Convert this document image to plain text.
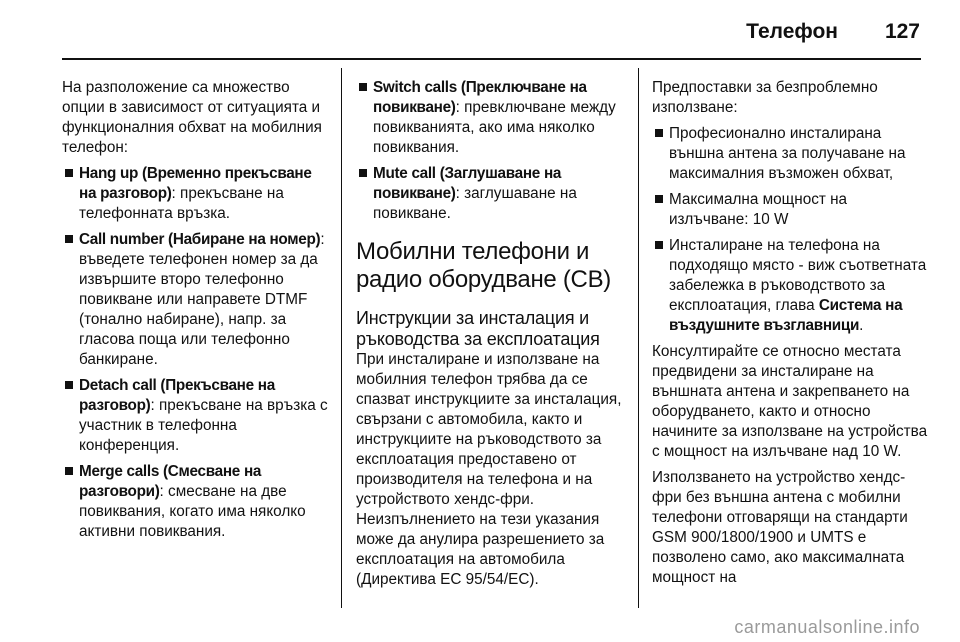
Телефон 127

На разположение са множество опции в зависимост от ситуацията и функционалния обхват на мобилния телефон:

Hang up (Временно прекъсване на разговор): прекъсване на телефонната връзка.
Call number (Набиране на номер): въведете телефонен номер за да извършите второ телефонно повикване или направете DTMF (тонално набиране), напр. за гласова поща или телефонно банкиране.
Detach call (Прекъсване на разговор): прекъсване на връзка с участник в телефонна конференция.
Merge calls (Смесване на разговори): смесване на две повиквания, когато има няколко активни повиквания.
Switch calls (Преключване на повикване): превключване между повикванията, ако има няколко повиквания.
Mute call (Заглушаване на повикване): заглушаване на повикване.
Мобилни телефони и радио оборудване (CB)
Инструкции за инсталация и ръководства за експлоатация

При инсталиране и използване на мобилния телефон трябва да се спазват инструкциите за инсталация, свързани с автомобила, както и инструкциите на ръководството за експлоатация предоставено от производителя на телефона и на устройството хендс-фри. Неизпълнението на тези указания може да анулира разрешението за експлоатация на автомобила (Директива ЕС 95/54/ЕС).

Предпоставки за безпроблемно използване:

Професионално инсталирана външна антена за получаване на максималния възможен обхват,
Максимална мощност на излъчване: 10 W
Инсталиране на телефона на подходящо място - виж съответната забележка в ръководството за експлоатация, глава Система на въздушните възглавници.

Консултирайте се относно местата предвидени за инсталиране на външната антена и закрепването на оборудването, както и относно начините за използване на устройства с мощност на излъчване над 10 W.

Използването на устройство хендс-фри без външна антена с мобилни телефони отговарящи на стандарти GSM 900/1800/1900 и UMTS е позволено само, ако максималната мощност на

carmanualsonline.info
